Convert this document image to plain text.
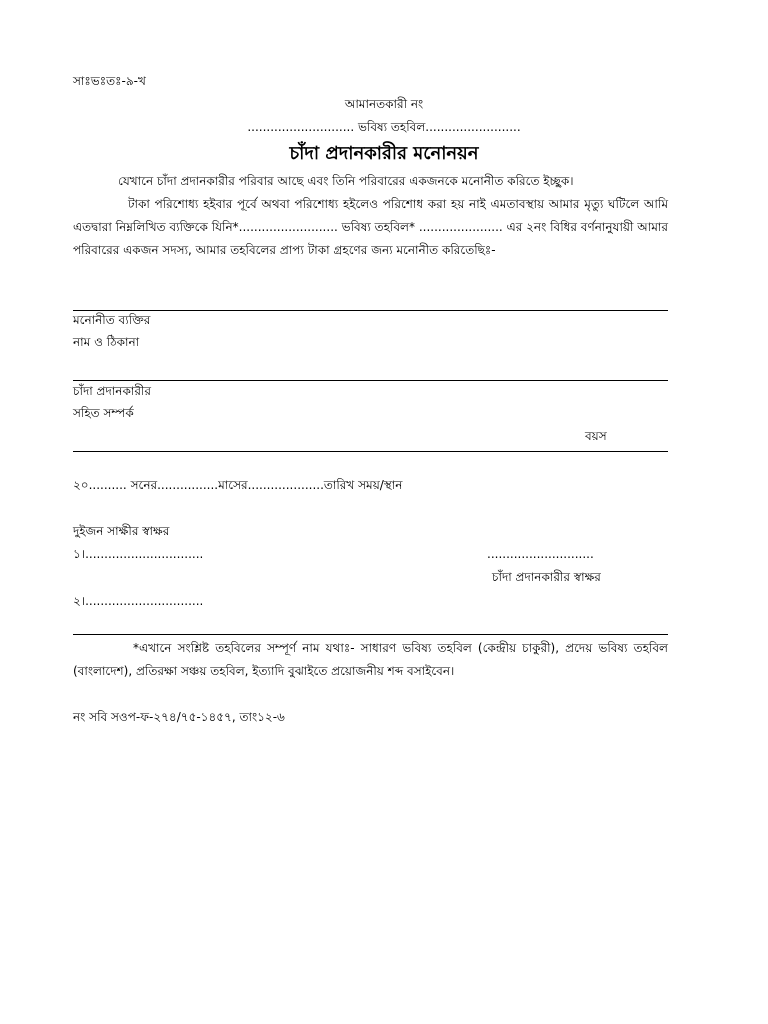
সাঃভঃতঃ-৯-খ
আমানতকারী নং
............................ ভবিষ্য তহবিল.........................
চাঁদা প্রদানকারীর মনোনয়ন
যেখানে চাঁদা প্রদানকারীর পরিবার আছে এবং তিনি পরিবারের একজনকে মনোনীত করিতে ইচ্ছুক।
টাকা পরিশোধ্য হইবার পূর্বে অথবা পরিশোধ্য হইলেও পরিশোধ করা হয় নাই এমতাবস্থায় আমার মৃত্যু ঘটিলে আমি এতদ্বারা নিম্নলিখিত ব্যক্তিকে যিনি*.......................... ভবিষ্য তহবিল* ...................... এর ২নং বিধির বর্ণনানুযায়ী আমার পরিবারের একজন সদস্য, আমার তহবিলের প্রাপ্য টাকা গ্রহণের জন্য মনোনীত করিতেছিঃ-
মনোনীত ব্যক্তির
নাম ও ঠিকানা
চাঁদা প্রদানকারীর
সহিত সম্পর্ক
বয়স
২০.......... সনের................মাসের....................তারিখ সময়/স্থান
দুইজন সাক্ষীর স্বাক্ষর
১।...............................	............................
চাঁদা প্রদানকারীর স্বাক্ষর
২।...............................
*এখানে সংশ্লিষ্ট তহবিলের সম্পূর্ণ নাম যথাঃ- সাধারণ ভবিষ্য তহবিল (কেন্দ্রীয় চাকুরী), প্রদেয় ভবিষ্য তহবিল (বাংলাদেশ), প্রতিরক্ষা সঞ্চয় তহবিল, ইত্যাদি বুঝাইতে প্রয়োজনীয় শব্দ বসাইবেন।
নং সবি সওপ-ফ-২৭৪/৭৫-১৪৫৭, তাং১২-৬
